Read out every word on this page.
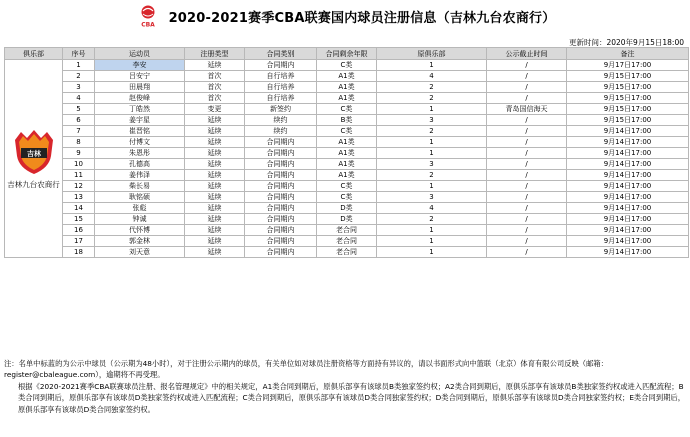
CBA 2020-2021赛季CBA联赛国内球员注册信息（吉林九台农商行）
更新时间：2020年9月15日18:00
俱乐部	序号	运动员	注册类型	合同类别	合同剩余年限	原俱乐部	公示截止时间	备注	

吉林
吉林九台农商行	1	李安	延续	合同期内	C类	1	/	9月17日17:00	
	2	吕安宁	首次	自行培养	A1类	4	/	9月15日17:00	
	3	田晨翔	首次	自行培养	A1类	2	/	9月15日17:00	
	4	赵俊峰	首次	自行培养	A1类	2	/	9月15日17:00	
	5	丁皓然	变更	新签约	C类	1	青岛国信海天	9月15日17:00	
	6	姜宇星	延续	续约	B类	3	/	9月15日17:00	
	7	崔晋铭	延续	续约	C类	2	/	9月14日17:00	
	8	付博文	延续	合同期内	A1类	1	/	9月14日17:00	
	9	朱恩彤	延续	合同期内	A1类	1	/	9月14日17:00	
	10	孔德高	延续	合同期内	A1类	3	/	9月14日17:00	
	11	姜伟泽	延续	合同期内	A1类	2	/	9月14日17:00	
	12	柴长易	延续	合同期内	C类	1	/	9月14日17:00	
	13	耿铭硕	延续	合同期内	C类	3	/	9月14日17:00	
	14	张彪	延续	合同期内	D类	4	/	9月14日17:00	
	15	钟诚	延续	合同期内	D类	2	/	9月14日17:00	
	16	代怀博	延续	合同期内	老合同	1	/	9月14日17:00	
	17	郭金林	延续	合同期内	老合同	1	/	9月14日17:00	
	18	刘天意	延续	合同期内	老合同	1	/	9月14日17:00	

注：名单中标蓝的为公示中球员（公示期为48小时），对于注册公示期内的球员，有关单位如对球员注册资格等方面持有异议的，请以书面形式向中篮联（北京）体育有限公司反映（邮箱：register@cbaleague.com），逾期将不再受理。

根据《2020-2021赛季CBA联赛球员注册、报名管理规定》中的相关规定，A1类合同到期后，原俱乐部享有该球员B类独家签约权；A2类合同到期后，原俱乐部享有该球员B类独家签约权或进入匹配流程；B类合同到期后，原俱乐部享有该球员D类独家签约权或进入匹配流程；C类合同到期后，原俱乐部享有该球员D类合同独家签约权；D类合同到期后，原俱乐部享有该球员D类合同独家签约权；E类合同到期后，原俱乐部享有该球员D类合同独家签约权。
